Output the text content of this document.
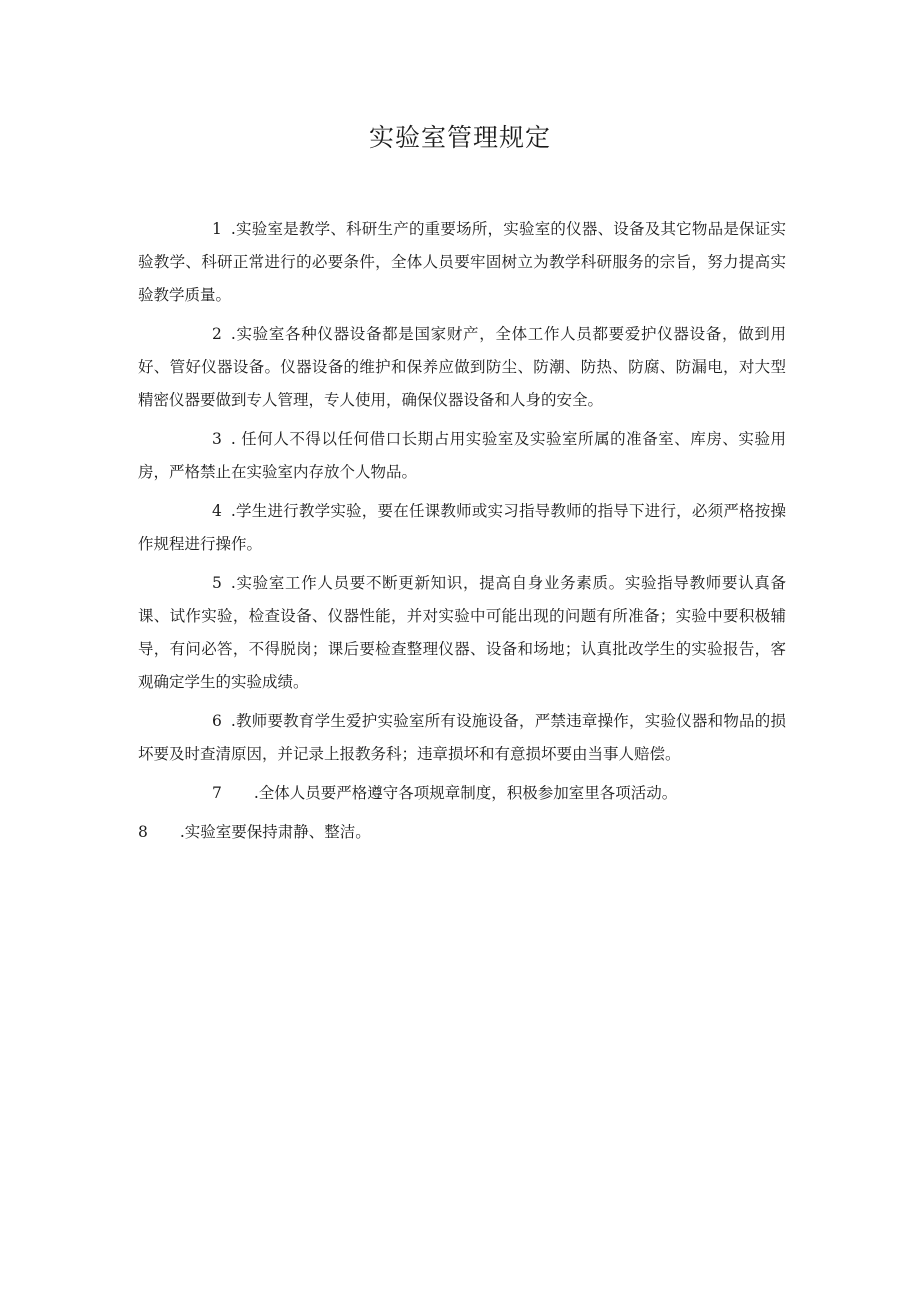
实验室管理规定

1 .实验室是教学、科研生产的重要场所，实验室的仪器、设备及其它物品是保证实验教学、科研正常进行的必要条件，全体人员要牢固树立为教学科研服务的宗旨，努力提高实验教学质量。

2 .实验室各种仪器设备都是国家财产，全体工作人员都要爱护仪器设备，做到用好、管好仪器设备。仪器设备的维护和保养应做到防尘、防潮、防热、防腐、防漏电，对大型精密仪器要做到专人管理，专人使用，确保仪器设备和人身的安全。

3 . 任何人不得以任何借口长期占用实验室及实验室所属的准备室、库房、实验用房，严格禁止在实验室内存放个人物品。

4 .学生进行教学实验，要在任课教师或实习指导教师的指导下进行，必须严格按操作规程进行操作。

5 .实验室工作人员要不断更新知识，提高自身业务素质。实验指导教师要认真备课、试作实验，检查设备、仪器性能，并对实验中可能出现的问题有所准备；实验中要积极辅导，有问必答，不得脱岗；课后要检查整理仪器、设备和场地；认真批改学生的实验报告，客观确定学生的实验成绩。

6 .教师要教育学生爱护实验室所有设施设备，严禁违章操作，实验仪器和物品的损坏要及时查清原因，并记录上报教务科；违章损坏和有意损坏要由当事人赔偿。

7 .全体人员要严格遵守各项规章制度，积极参加室里各项活动。

8 .实验室要保持肃静、整洁。
